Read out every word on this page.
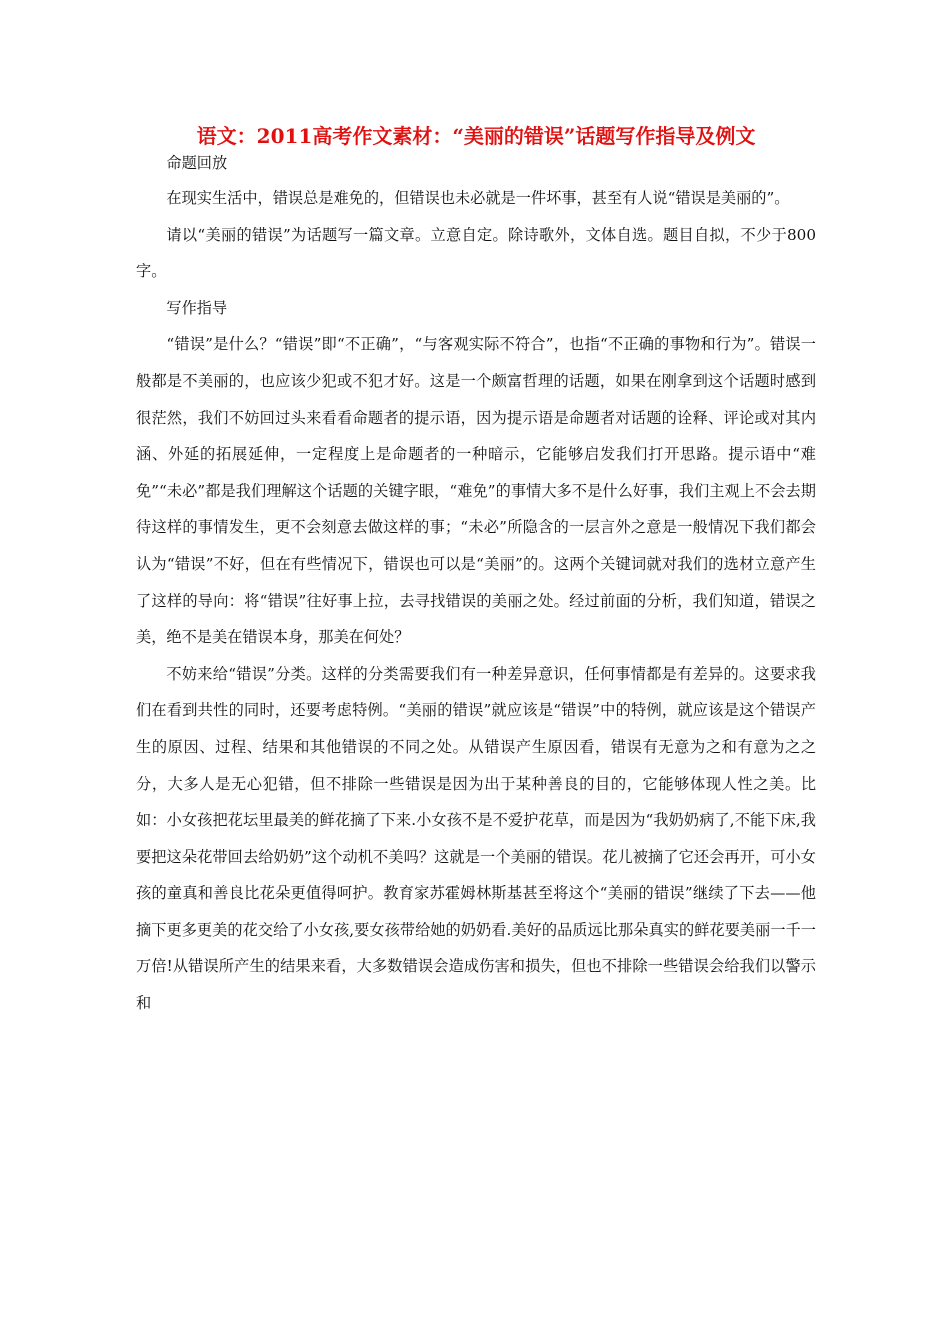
语文：2011高考作文素材：“美丽的错误”话题写作指导及例文

命题回放

在现实生活中，错误总是难免的，但错误也未必就是一件坏事，甚至有人说“错误是美丽的”。

请以“美丽的错误”为话题写一篇文章。立意自定。除诗歌外，文体自选。题目自拟，不少于800字。

写作指导

“错误”是什么？“错误”即“不正确”，“与客观实际不符合”，也指“不正确的事物和行为”。错误一般都是不美丽的，也应该少犯或不犯才好。这是一个颇富哲理的话题，如果在刚拿到这个话题时感到很茫然，我们不妨回过头来看看命题者的提示语，因为提示语是命题者对话题的诠释、评论或对其内涵、外延的拓展延伸，一定程度上是命题者的一种暗示，它能够启发我们打开思路。提示语中“难免”“未必”都是我们理解这个话题的关键字眼，“难免”的事情大多不是什么好事，我们主观上不会去期待这样的事情发生，更不会刻意去做这样的事；“未必”所隐含的一层言外之意是一般情况下我们都会认为“错误”不好，但在有些情况下，错误也可以是“美丽”的。这两个关键词就对我们的选材立意产生了这样的导向：将“错误”往好事上拉，去寻找错误的美丽之处。经过前面的分析，我们知道，错误之美，绝不是美在错误本身，那美在何处？

不妨来给“错误”分类。这样的分类需要我们有一种差异意识，任何事情都是有差异的。这要求我们在看到共性的同时，还要考虑特例。“美丽的错误”就应该是“错误”中的特例，就应该是这个错误产生的原因、过程、结果和其他错误的不同之处。从错误产生原因看，错误有无意为之和有意为之之分，大多人是无心犯错，但不排除一些错误是因为出于某种善良的目的，它能够体现人性之美。比如：小女孩把花坛里最美的鲜花摘了下来.小女孩不是不爱护花草，而是因为“我奶奶病了,不能下床,我要把这朵花带回去给奶奶”这个动机不美吗？这就是一个美丽的错误。花儿被摘了它还会再开，可小女孩的童真和善良比花朵更值得呵护。教育家苏霍姆林斯基甚至将这个“美丽的错误”继续了下去——他摘下更多更美的花交给了小女孩,要女孩带给她的奶奶看.美好的品质远比那朵真实的鲜花要美丽一千一万倍!从错误所产生的结果来看，大多数错误会造成伤害和损失，但也不排除一些错误会给我们以警示和
